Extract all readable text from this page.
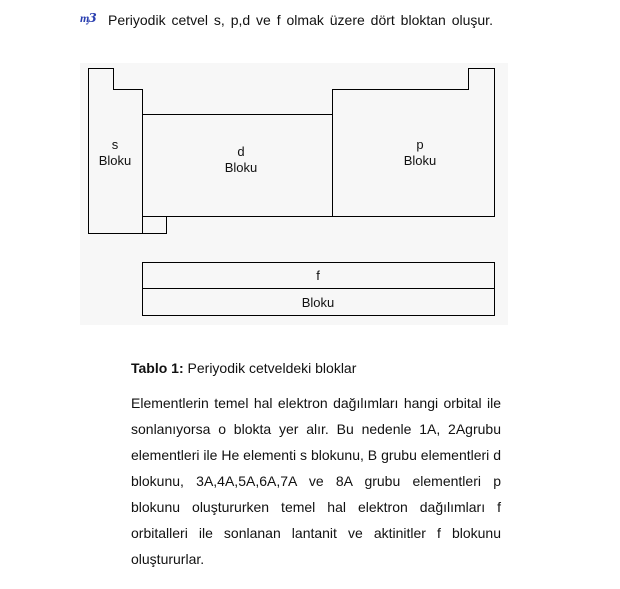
ᶆ3 Periyodik cetvel s, p,d ve f olmak üzere dört bloktan oluşur.
s
Bloku
d
Bloku
p
Bloku
f
Bloku
Tablo 1: Periyodik cetveldeki bloklar
Elementlerin temel hal elektron dağılımları hangi orbital ile sonlanıyorsa o blokta yer alır. Bu nedenle 1A, 2Agrubu elementleri ile He elementi s blokunu, B grubu elementleri d blokunu, 3A,4A,5A,6A,7A ve 8A grubu elementleri p blokunu oluştururken temel hal elektron dağılımları f orbitalleri ile sonlanan lantanit ve aktinitler f blokunu oluştururlar.
